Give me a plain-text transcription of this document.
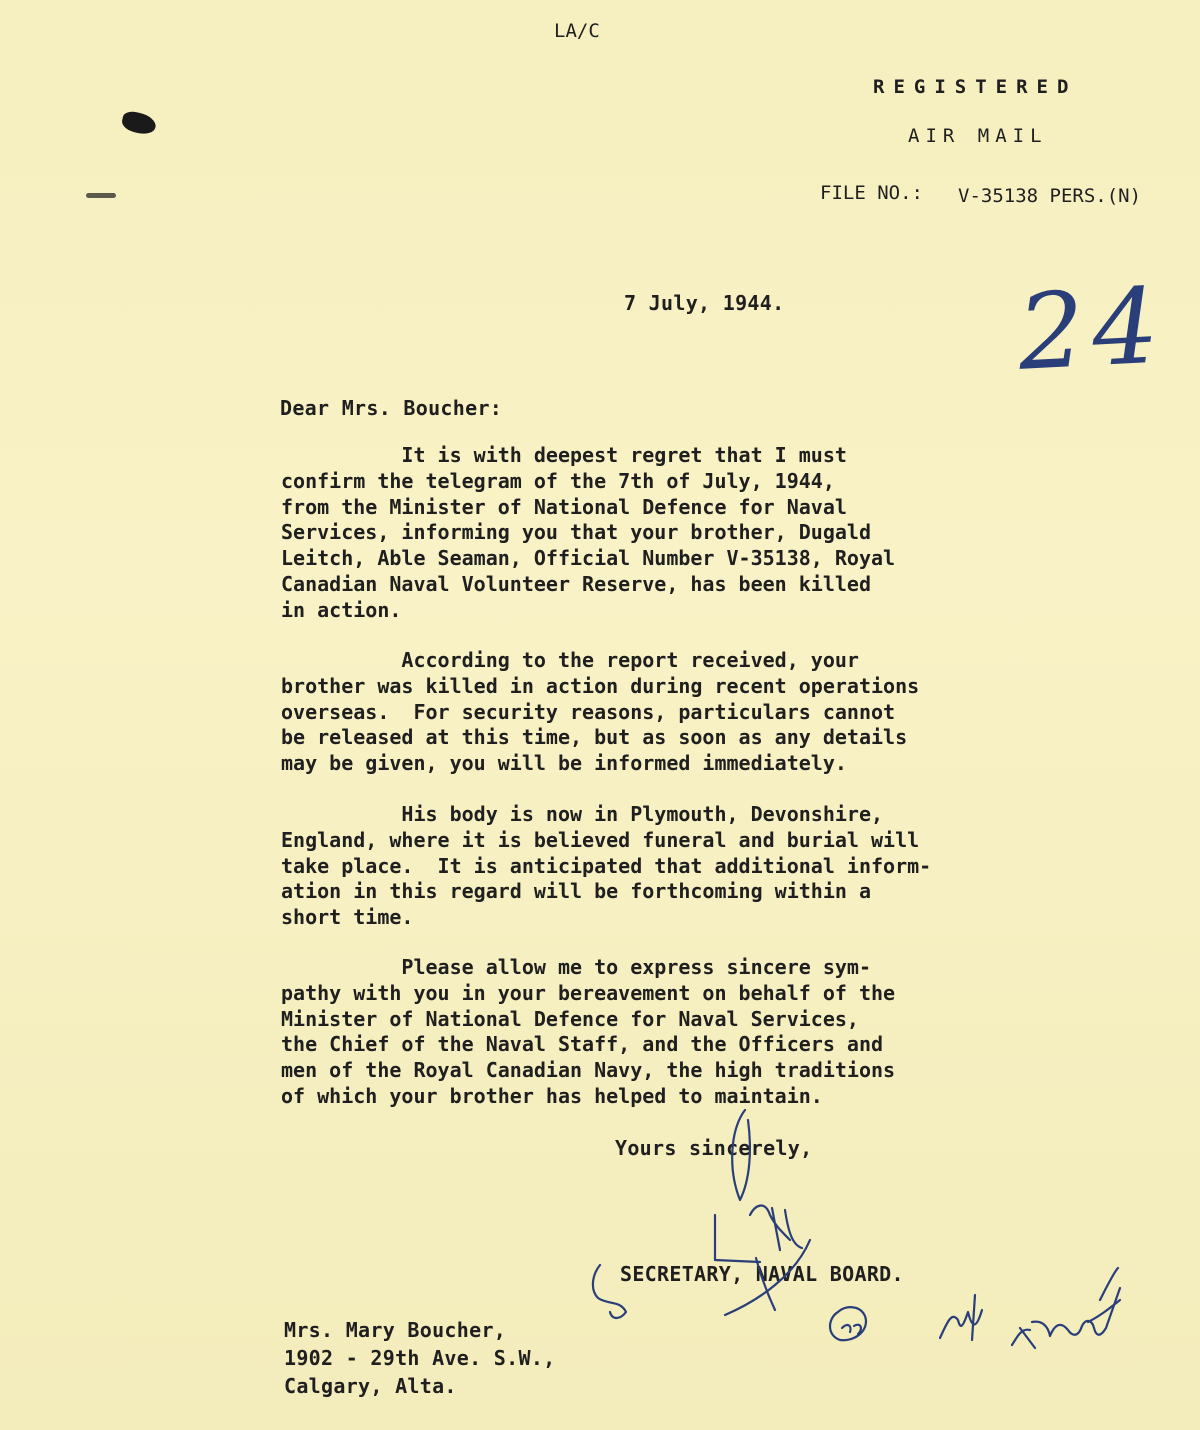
LA/C
REGISTERED
AIR MAIL
FILE NO.: V-35138 PERS.(N)
7 July, 1944. 24
Dear Mrs. Boucher:
It is with deepest regret that I must
confirm the telegram of the 7th of July, 1944,
from the Minister of National Defence for Naval
Services, informing you that your brother, Dugald
Leitch, Able Seaman, Official Number V-35138, Royal
Canadian Naval Volunteer Reserve, has been killed
in action.
According to the report received, your
brother was killed in action during recent operations
overseas.  For security reasons, particulars cannot
be released at this time, but as soon as any details
may be given, you will be informed immediately.
His body is now in Plymouth, Devonshire,
England, where it is believed funeral and burial will
take place.  It is anticipated that additional inform-
ation in this regard will be forthcoming within a
short time.
Please allow me to express sincere sym-
pathy with you in your bereavement on behalf of the
Minister of National Defence for Naval Services,
the Chief of the Naval Staff, and the Officers and
men of the Royal Canadian Navy, the high traditions
of which your brother has helped to maintain.
Yours sincerely,
SECRETARY, NAVAL BOARD.
Mrs. Mary Boucher,
1902 - 29th Ave. S.W.,
Calgary, Alta.
